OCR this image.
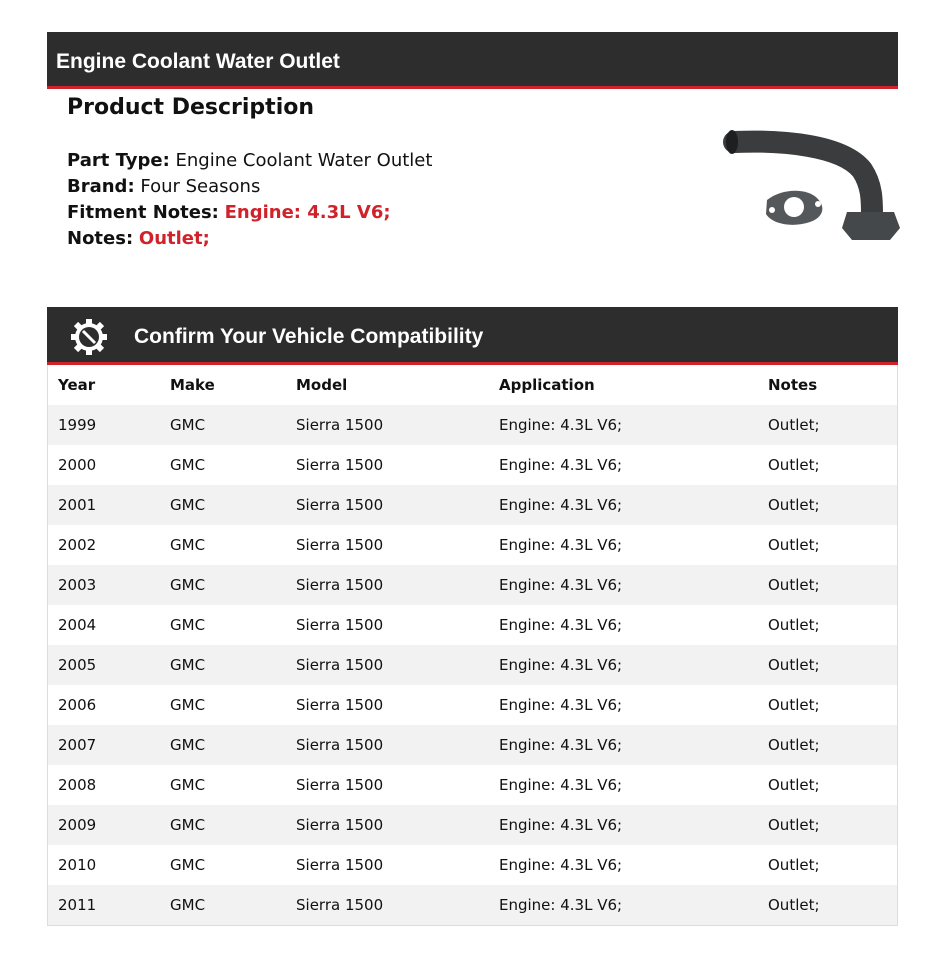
Engine Coolant Water Outlet
Product Description
Part Type: Engine Coolant Water Outlet
Brand: Four Seasons
Fitment Notes: Engine: 4.3L V6;
Notes: Outlet;
Confirm Your Vehicle Compatibility
Year	Make	Model	Application	Notes
1999	GMC	Sierra 1500	Engine: 4.3L V6;	Outlet;
2000	GMC	Sierra 1500	Engine: 4.3L V6;	Outlet;
2001	GMC	Sierra 1500	Engine: 4.3L V6;	Outlet;
2002	GMC	Sierra 1500	Engine: 4.3L V6;	Outlet;
2003	GMC	Sierra 1500	Engine: 4.3L V6;	Outlet;
2004	GMC	Sierra 1500	Engine: 4.3L V6;	Outlet;
2005	GMC	Sierra 1500	Engine: 4.3L V6;	Outlet;
2006	GMC	Sierra 1500	Engine: 4.3L V6;	Outlet;
2007	GMC	Sierra 1500	Engine: 4.3L V6;	Outlet;
2008	GMC	Sierra 1500	Engine: 4.3L V6;	Outlet;
2009	GMC	Sierra 1500	Engine: 4.3L V6;	Outlet;
2010	GMC	Sierra 1500	Engine: 4.3L V6;	Outlet;
2011	GMC	Sierra 1500	Engine: 4.3L V6;	Outlet;
